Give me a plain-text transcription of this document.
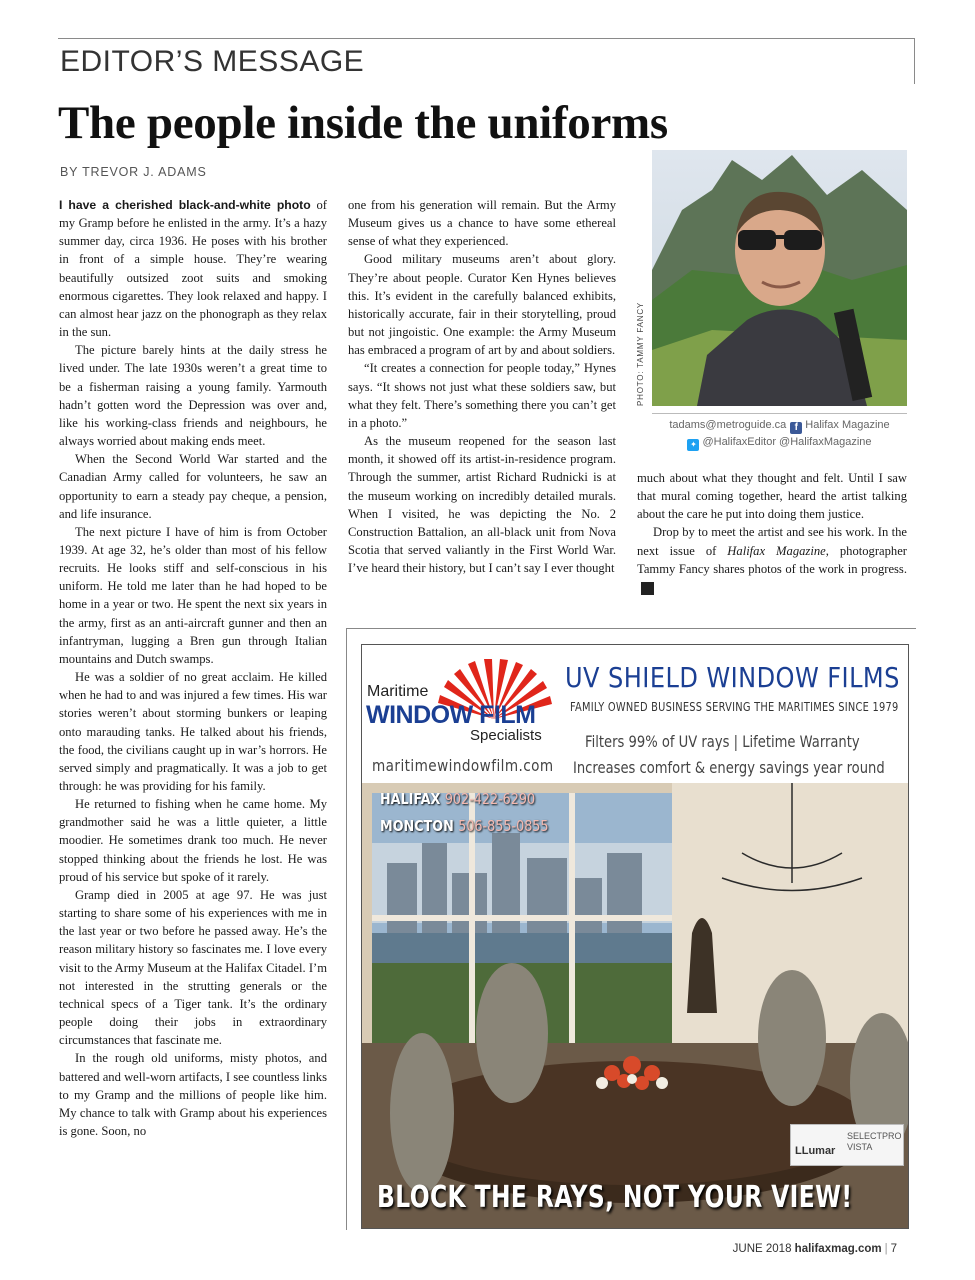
EDITOR’S MESSAGE
The people inside the uniforms
BY TREVOR J. ADAMS

I have a cherished black-and-white photo of my Gramp before he enlisted in the army. It’s a hazy summer day, circa 1936. He poses with his brother in front of a simple house. They’re wearing beautifully outsized zoot suits and smoking enormous cigarettes. They look relaxed and happy. I can almost hear jazz on the phonograph as they relax in the sun.

The picture barely hints at the daily stress he lived under. The late 1930s weren’t a great time to be a fisherman raising a young family. Yarmouth hadn’t gotten word the Depression was over and, like his working-class friends and neighbours, he always worried about making ends meet.

When the Second World War started and the Canadian Army called for volunteers, he saw an opportunity to earn a steady pay cheque, a pension, and life insurance.

The next picture I have of him is from October 1939. At age 32, he’s older than most of his fellow recruits. He looks stiff and self-conscious in his uniform. He told me later than he had hoped to be home in a year or two. He spent the next six years in the army, first as an anti-aircraft gunner and then an infantryman, lugging a Bren gun through Italian mountains and Dutch swamps.

He was a soldier of no great acclaim. He killed when he had to and was injured a few times. His war stories weren’t about storming bunkers or leaping onto marauding tanks. He talked about his friends, the food, the civilians caught up in war’s horrors. He served simply and pragmatically. It was a job to get through: he was providing for his family.

He returned to fishing when he came home. My grandmother said he was a little quieter, a little moodier. He sometimes drank too much. He never stopped thinking about the friends he lost. He was proud of his service but spoke of it rarely.

Gramp died in 2005 at age 97. He was just starting to share some of his experiences with me in the last year or two before he passed away. He’s the reason military history so fascinates me. I love every visit to the Army Museum at the Halifax Citadel. I’m not interested in the strutting generals or the technical specs of a Tiger tank. It’s the ordinary people doing their jobs in extraordinary circumstances that fascinate me.

In the rough old uniforms, misty photos, and battered and well-worn artifacts, I see countless links to my Gramp and the millions of people like him. My chance to talk with Gramp about his experiences is gone. Soon, no

one from his generation will remain. But the Army Museum gives us a chance to have some ethereal sense of what they experienced.

Good military museums aren’t about glory. They’re about people. Curator Ken Hynes believes this. It’s evident in the carefully balanced exhibits, historically accurate, fair in their storytelling, proud but not jingoistic. One example: the Army Museum has embraced a program of art by and about soldiers.

“It creates a connection for people today,” Hynes says. “It shows not just what these soldiers saw, but what they felt. There’s something there you can’t get in a photo.”

As the museum reopened for the season last month, it showed off its artist-in-residence program. Through the summer, artist Richard Rudnicki is at the museum working on incredibly detailed murals. When I visited, he was depicting the No. 2 Construction Battalion, an all-black unit from Nova Scotia that served valiantly in the First World War. I’ve heard their history, but I can’t say I ever thought

much about what they thought and felt. Until I saw that mural coming together, heard the artist talking about the care he put into doing them justice.

Drop by to meet the artist and see his work. In the next issue of Halifax Magazine, photographer Tammy Fancy shares photos of the work in progress.H

PHOTO: TAMMY FANCY
tadams@metroguide.ca f Halifax Magazine
✦ @HalifaxEditor @HalifaxMagazine
Maritime
WINDOW FILM
Specialists
maritimewindowfilm.com
UV SHIELD WINDOW FILMS
FAMILY OWNED BUSINESS SERVING THE MARITIMES SINCE 1979
Filters 99% of UV rays | Lifetime Warranty
Increases comfort & energy savings year round
HALIFAX 902-422-6290
MONCTON 506-855-0855
LLumar
SELECTPRO
VISTA
BLOCK THE RAYS, NOT YOUR VIEW!
JUNE 2018 halifaxmag.com | 7
